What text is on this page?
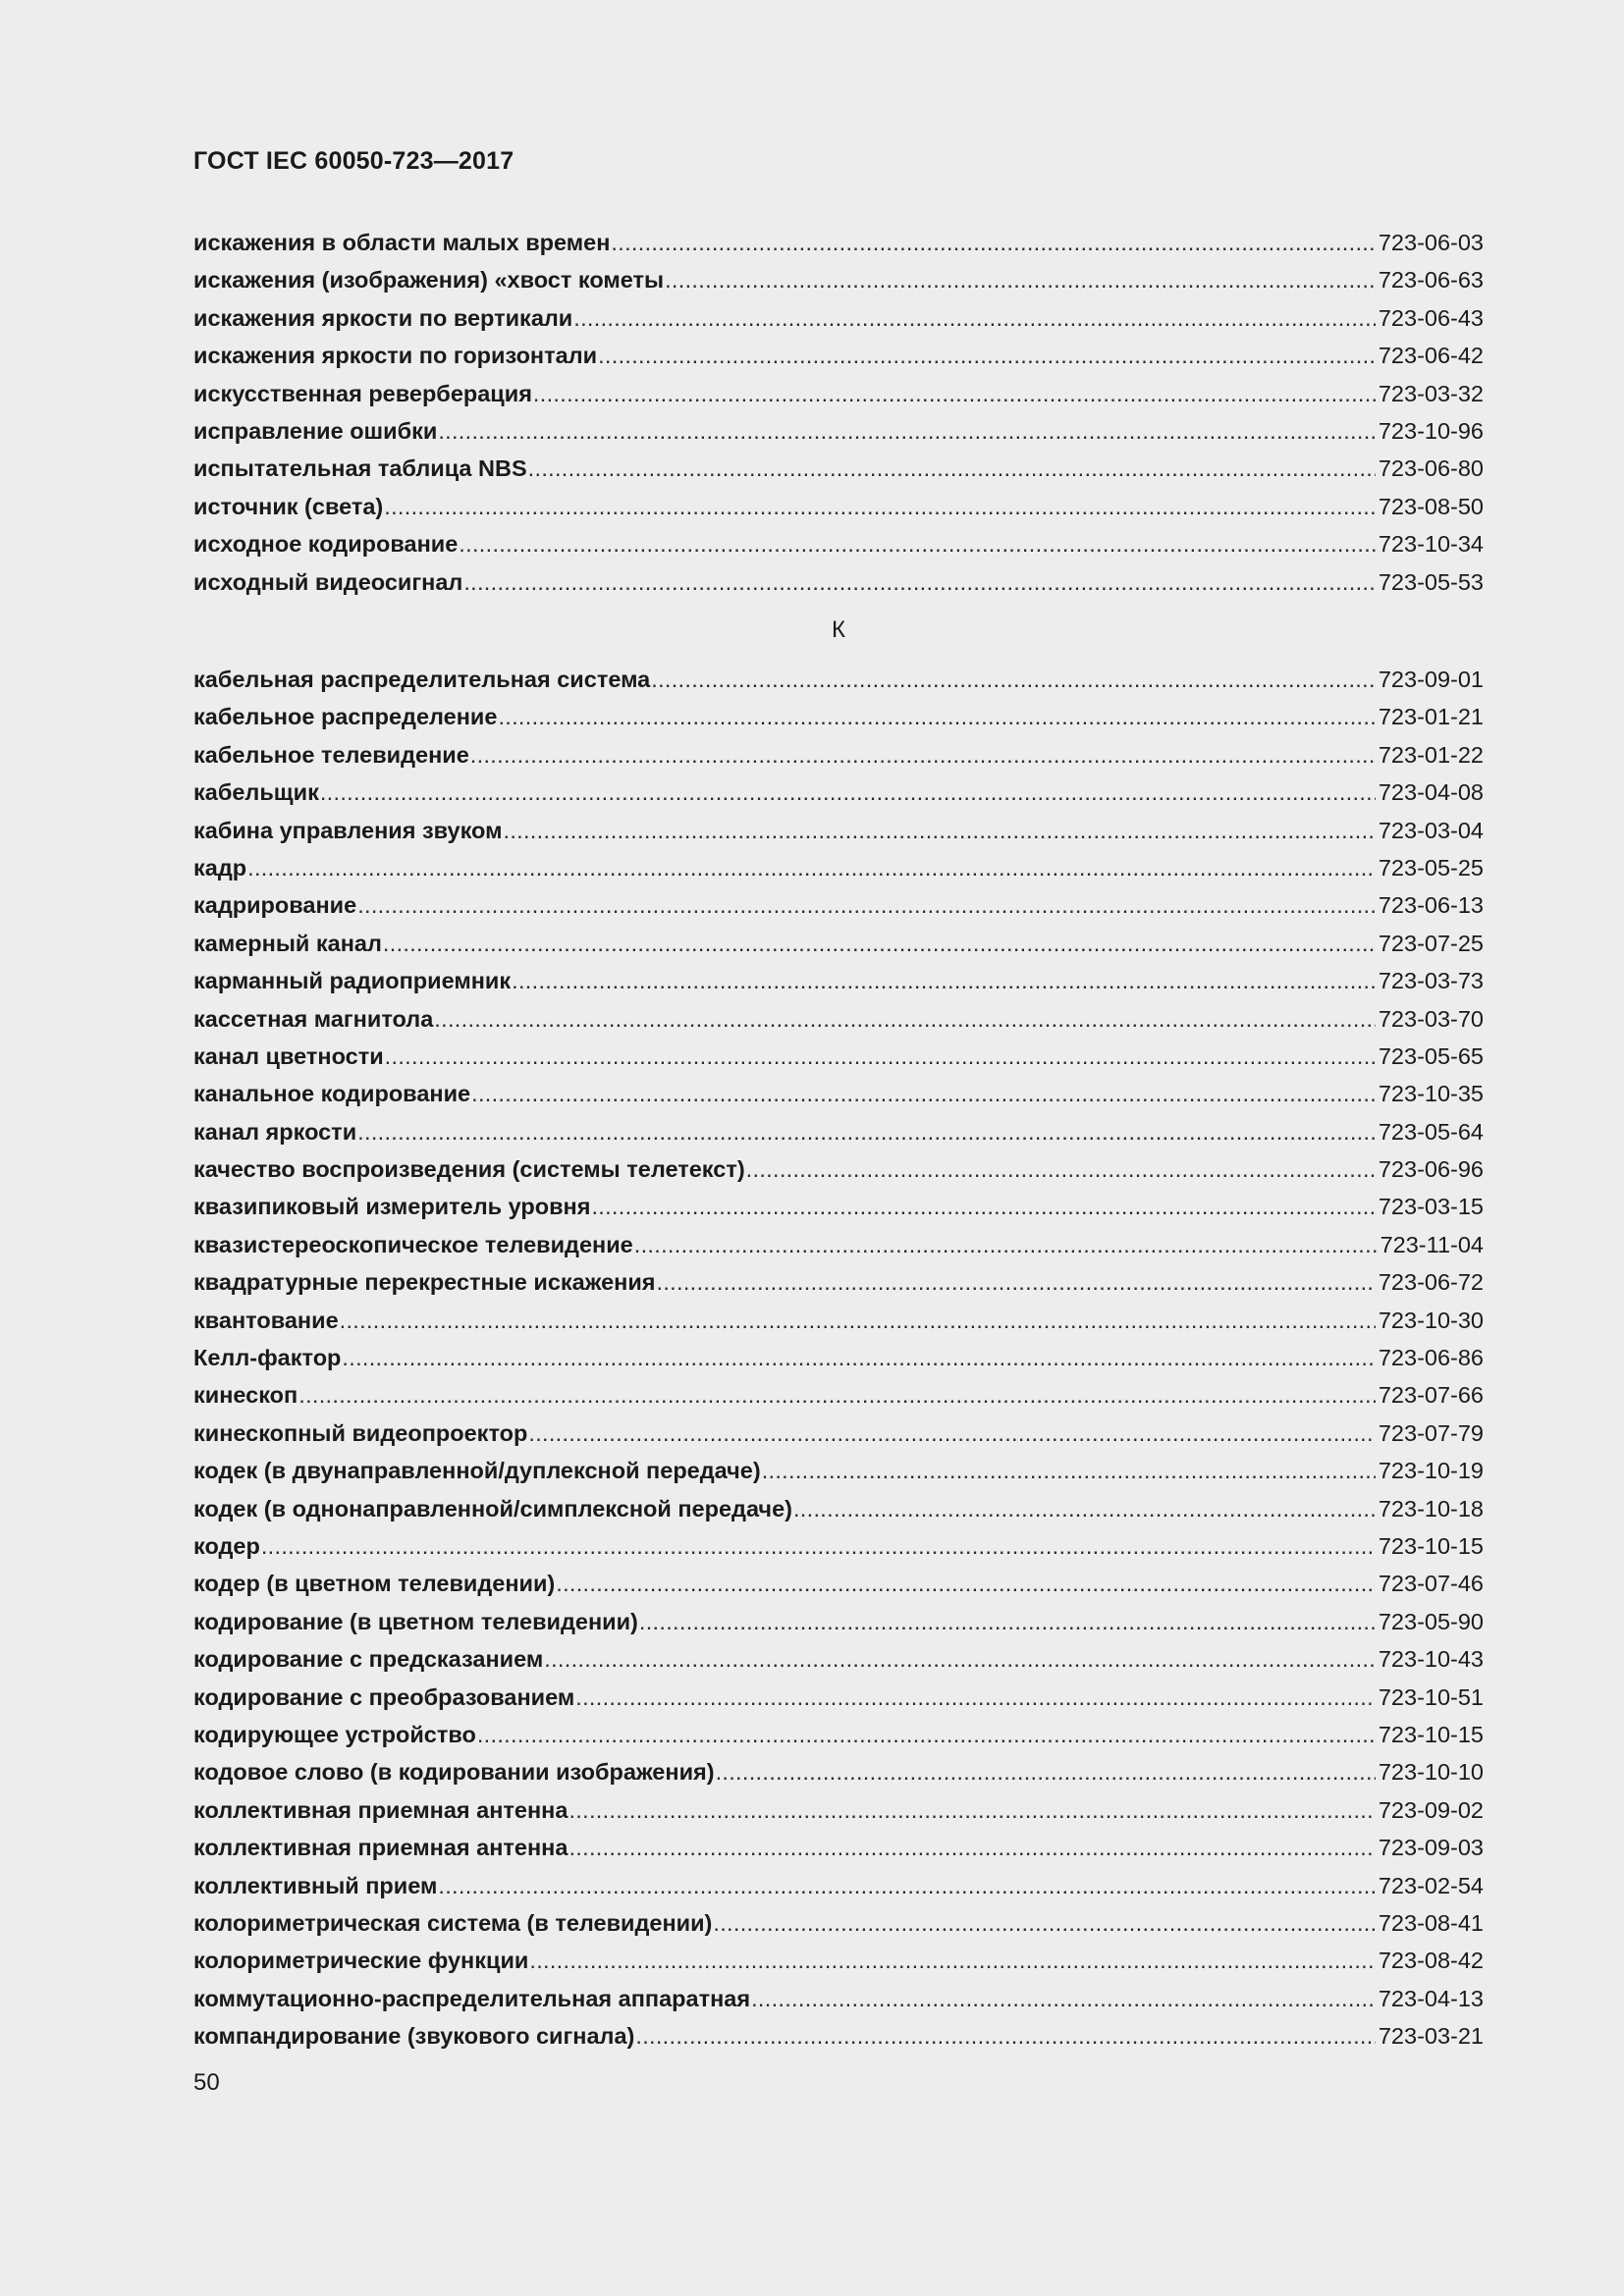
ГОСТ IEC 60050-723—2017
искажения в области малых времен .....	723-06-03
искажения (изображения) «хвост кометы .....	723-06-63
искажения яркости по вертикали .....	723-06-43
искажения яркости по горизонтали .....	723-06-42
искусственная реверберация .....	723-03-32
исправление ошибки .....	723-10-96
испытательная таблица NBS .....	723-06-80
источник (света) .....	723-08-50
исходное кодирование .....	723-10-34
исходный видеосигнал .....	723-05-53
К
кабельная распределительная система .....	723-09-01
кабельное распределение .....	723-01-21
кабельное телевидение .....	723-01-22
кабельщик .....	723-04-08
кабина управления звуком .....	723-03-04
кадр .....	723-05-25
кадрирование .....	723-06-13
камерный канал .....	723-07-25
карманный радиоприемник .....	723-03-73
кассетная магнитола .....	723-03-70
канал цветности .....	723-05-65
канальное кодирование .....	723-10-35
канал яркости .....	723-05-64
качество воспроизведения (системы телетекст) .....	723-06-96
квазипиковый измеритель уровня .....	723-03-15
квазистереоскопическое телевидение .....	723-11-04
квадратурные перекрестные искажения .....	723-06-72
квантование .....	723-10-30
Келл-фактор .....	723-06-86
кинескоп .....	723-07-66
кинескопный видеопроектор .....	723-07-79
кодек (в двунаправленной/дуплексной передаче) .....	723-10-19
кодек (в однонаправленной/симплексной передаче) .....	723-10-18
кодер .....	723-10-15
кодер (в цветном телевидении) .....	723-07-46
кодирование (в цветном телевидении) .....	723-05-90
кодирование с предсказанием .....	723-10-43
кодирование с преобразованием .....	723-10-51
кодирующее устройство .....	723-10-15
кодовое слово (в кодировании изображения) .....	723-10-10
коллективная приемная антенна .....	723-09-02
коллективная приемная антенна .....	723-09-03
коллективный прием .....	723-02-54
колориметрическая система (в телевидении) .....	723-08-41
колориметрические функции .....	723-08-42
коммутационно-распределительная аппаратная .....	723-04-13
компандирование (звукового сигнала) .....	723-03-21
50
